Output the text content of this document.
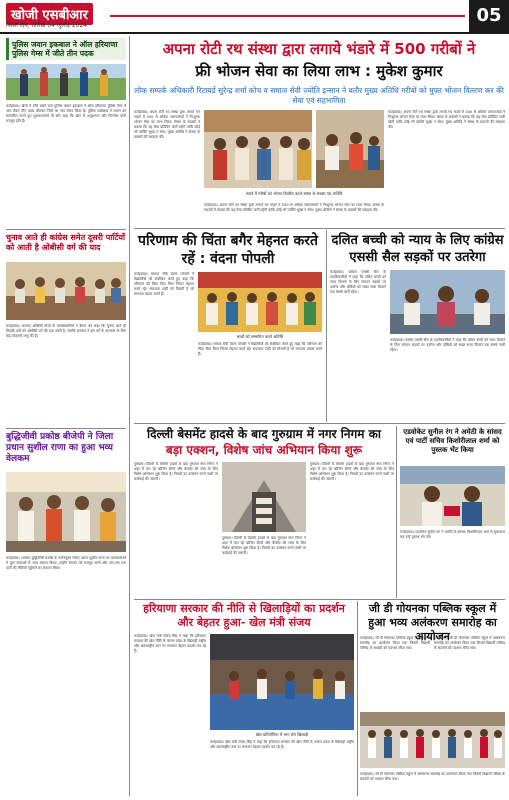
खोजी एसबीआर
किसी दिन, तारीख 04 जुलाई 2024	05
पुलिस जवान इकबाल ने ऑल हरियाणा पुलिस गेम्स में जीते तीन पदक
फतेहाबाद। खेलों में रुचि रखने वाले पुलिस जवान इकबाल ने ऑल हरियाणा पुलिस गेम्स में भाग लेकर तीन पदक जीतकर जिले का नाम रोशन किया है। पुलिस अधीक्षक ने जवान को सम्मानित करते हुए शुभकामनाएँ दीं और कहा कि खेल से अनुशासन और फिटनेस दोनों मजबूत होते हैं।
चुनाव आते ही कांग्रेस समेत दूसरी पार्टियों को आती है ओबीसी वर्ग की याद
फतेहाबाद। भाजपा ओबीसी मोर्चा के पदाधिकारियों ने बैठक कर कहा कि चुनाव आते ही विपक्षी दलों को ओबीसी वर्ग की याद आती है, जबकि सरकार ने इस वर्ग के कल्याण के लिए कई योजनाएँ लागू की हैं।
बुद्धिजीवी प्रकोष्ठ बीजेपी ने जिला प्रधान सुशील राणा का हुआ भव्य वेलकम
फतेहाबाद। भाजपा बुद्धिजीवी प्रकोष्ठ के नवनियुक्त जिला प्रधान सुशील राणा का कार्यकर्ताओं ने फूल मालाओं से भव्य स्वागत किया। उन्होंने संगठन को मजबूत करने और जन-जन तक पार्टी की नीतियाँ पहुँचाने का संकल्प लिया।
अपना रोटी रथ संस्था द्वारा लगाये भंडारे में 500 गरीबों ने
फ्री भोजन सेवा का लिया लाभ : मुकेश कुमार
लोक सम्पर्क अधिकारी रिटायर्ड सुरेन्द्र शर्मा कोच व समाज सेवी ज्योति इन्सान ने बतौर मुख्य अतिथि गरीबों को मुफ्त भोजन वितरण कर की सेवा एवं सहभागिता
फतेहाबाद। अपना रोटी रथ संस्था द्वारा लगाये गए भंडारे में 500 से अधिक जरूरतमंदों ने निःशुल्क भोजन सेवा का लाभ लिया। संस्था के सदस्यों ने बताया कि यह सेवा प्रतिदिन जारी रहेगी ताकि कोई भी व्यक्ति भूखा न सोए। मुख्य अतिथि ने संस्था के प्रयासों की सराहना की।
भंडारे में गरीबों को भोजन वितरित करते संस्था के सदस्य एवं अतिथि
फतेहाबाद। अपना रोटी रथ संस्था द्वारा लगाये गए भंडारे में 500 से अधिक जरूरतमंदों ने निःशुल्क भोजन सेवा का लाभ लिया। संस्था के सदस्यों ने बताया कि यह सेवा प्रतिदिन जारी रहेगी ताकि कोई भी व्यक्ति भूखा न सोए। मुख्य अतिथि ने संस्था के प्रयासों की सराहना की।
फतेहाबाद। अपना रोटी रथ संस्था द्वारा लगाये गए भंडारे में 500 से अधिक जरूरतमंदों ने निःशुल्क भोजन सेवा का लाभ लिया। संस्था के सदस्यों ने बताया कि यह सेवा प्रतिदिन जारी रहेगी ताकि कोई भी व्यक्ति भूखा न सोए। मुख्य अतिथि ने संस्था के प्रयासों की सराहना की।
परिणाम की चिंता बगैर मेहनत करते रहें : वंदना पोपली
फतेहाबाद। समाज सेवी वंदना पोपली ने विद्यार्थियों को संबोधित करते हुए कहा कि परिणाम की चिंता किए बिना निरंतर मेहनत करते रहें। सफलता उन्हीं को मिलती है जो लगातार प्रयास करते हैं।
बच्चों को सम्मानित करते अतिथि
फतेहाबाद। समाज सेवी वंदना पोपली ने विद्यार्थियों को संबोधित करते हुए कहा कि परिणाम की चिंता किए बिना निरंतर मेहनत करते रहें। सफलता उन्हीं को मिलती है जो लगातार प्रयास करते हैं।
दलित बच्ची को न्याय के लिए कांग्रेस एससी सैल सड़कों पर उतरेगा
फतेहाबाद। कांग्रेस एससी सैल के पदाधिकारियों ने कहा कि दलित बच्ची को न्याय दिलाने के लिए संगठन सड़कों पर उतरेगा और दोषियों को सख्त सजा दिलाने तक संघर्ष जारी रहेगा।
फतेहाबाद। कांग्रेस एससी सैल के पदाधिकारियों ने कहा कि दलित बच्ची को न्याय दिलाने के लिए संगठन सड़कों पर उतरेगा और दोषियों को सख्त सजा दिलाने तक संघर्ष जारी रहेगा।
दिल्ली बेसमेंट हादसे के बाद गुरुग्राम में नगर निगम का
बड़ा एक्शन, विशेष जांच अभियान किया शुरू
गुरुग्राम। दिल्ली के बेसमेंट हादसे के बाद गुरुग्राम नगर निगम ने शहर में चल रहे कोचिंग सेंटरों और बेसमेंट की जांच के लिए विशेष अभियान शुरू किया है। नियमों का उल्लंघन करने वालों पर कार्रवाई की जाएगी।
गुरुग्राम। दिल्ली के बेसमेंट हादसे के बाद गुरुग्राम नगर निगम ने शहर में चल रहे कोचिंग सेंटरों और बेसमेंट की जांच के लिए विशेष अभियान शुरू किया है। नियमों का उल्लंघन करने वालों पर कार्रवाई की जाएगी।
गुरुग्राम। दिल्ली के बेसमेंट हादसे के बाद गुरुग्राम नगर निगम ने शहर में चल रहे कोचिंग सेंटरों और बेसमेंट की जांच के लिए विशेष अभियान शुरू किया है। नियमों का उल्लंघन करने वालों पर कार्रवाई की जाएगी।
एडवोकेट सुनील रंग ने अमेठी के सांसद एवं पार्टी सचिव किशोरीलाल शर्मा को पुस्तक भेंट किया
फतेहाबाद। एडवोकेट सुनील रंग ने अमेठी के सांसद किशोरीलाल शर्मा से मुलाकात कर उन्हें पुस्तक भेंट की।
हरियाणा सरकार की नीति से खिलाड़ियों का प्रदर्शन और बेहतर हुआ- खेल मंत्री संजय
फतेहाबाद। खेल मंत्री संजय सिंह ने कहा कि हरियाणा सरकार की खेल नीति के कारण प्रदेश के खिलाड़ी राष्ट्रीय और अंतरराष्ट्रीय स्तर पर लगातार बेहतर प्रदर्शन कर रहे हैं।
खेल प्रतियोगिता में भाग लेते खिलाड़ी
फतेहाबाद। खेल मंत्री संजय सिंह ने कहा कि हरियाणा सरकार की खेल नीति के कारण प्रदेश के खिलाड़ी राष्ट्रीय और अंतरराष्ट्रीय स्तर पर लगातार बेहतर प्रदर्शन कर रहे हैं।
जी डी गोयनका पब्लिक स्कूल में हुआ भव्य अलंकरण समारोह का आयोजन
फतेहाबाद। जी डी गोयनका पब्लिक स्कूल में अलंकरण समारोह का आयोजन किया गया जिसमें विद्यार्थी परिषद के सदस्यों को पदभार सौंपा गया।
फतेहाबाद। जी डी गोयनका पब्लिक स्कूल में अलंकरण समारोह का आयोजन किया गया जिसमें विद्यार्थी परिषद के सदस्यों को पदभार सौंपा गया।
फतेहाबाद। जी डी गोयनका पब्लिक स्कूल में अलंकरण समारोह का आयोजन किया गया जिसमें विद्यार्थी परिषद के सदस्यों को पदभार सौंपा गया।
